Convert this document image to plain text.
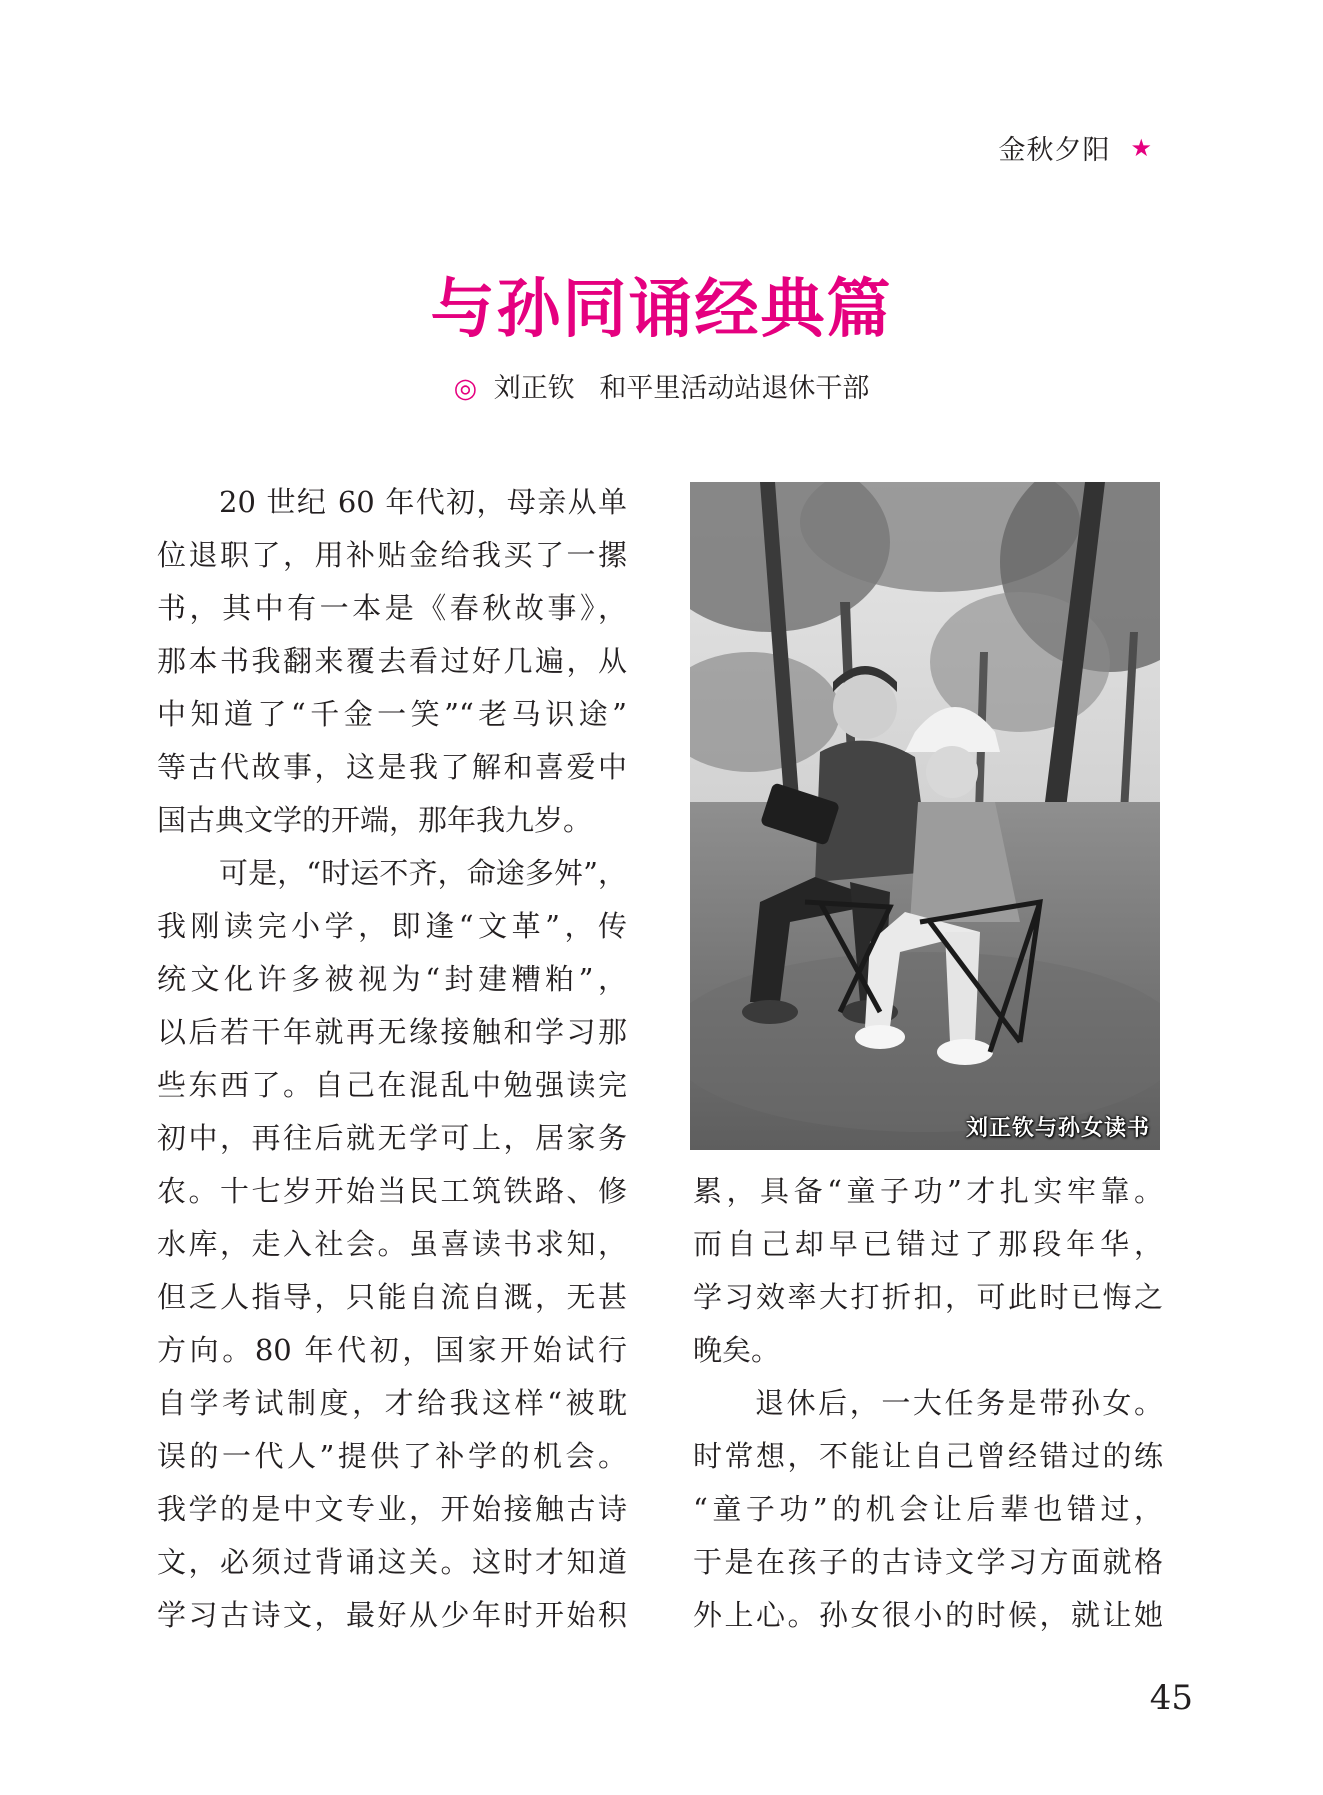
金秋夕阳 ★
与孙同诵经典篇
◎ 刘正钦 和平里活动站退休干部
20 世纪 60 年代初，母亲从单
位退职了，用补贴金给我买了一摞
书，其中有一本是《春秋故事》，
那本书我翻来覆去看过好几遍，从
中知道了“千金一笑”“老马识途”
等古代故事，这是我了解和喜爱中
国古典文学的开端，那年我九岁。
可是，“时运不齐，命途多舛”，
我刚读完小学，即逢“文革”，传
统文化许多被视为“封建糟粕”，
以后若干年就再无缘接触和学习那
些东西了。自己在混乱中勉强读完
初中，再往后就无学可上，居家务
农。十七岁开始当民工筑铁路、修
水库，走入社会。虽喜读书求知，
但乏人指导，只能自流自溉，无甚
方向。80 年代初，国家开始试行
自学考试制度，才给我这样“被耽
误的一代人”提供了补学的机会。
我学的是中文专业，开始接触古诗
文，必须过背诵这关。这时才知道
学习古诗文，最好从少年时开始积
刘正钦与孙女读书
累，具备“童子功”才扎实牢靠。
而自己却早已错过了那段年华，
学习效率大打折扣，可此时已悔之
晚矣。
退休后，一大任务是带孙女。
时常想，不能让自己曾经错过的练
“童子功”的机会让后辈也错过，
于是在孩子的古诗文学习方面就格
外上心。孙女很小的时候，就让她
45
